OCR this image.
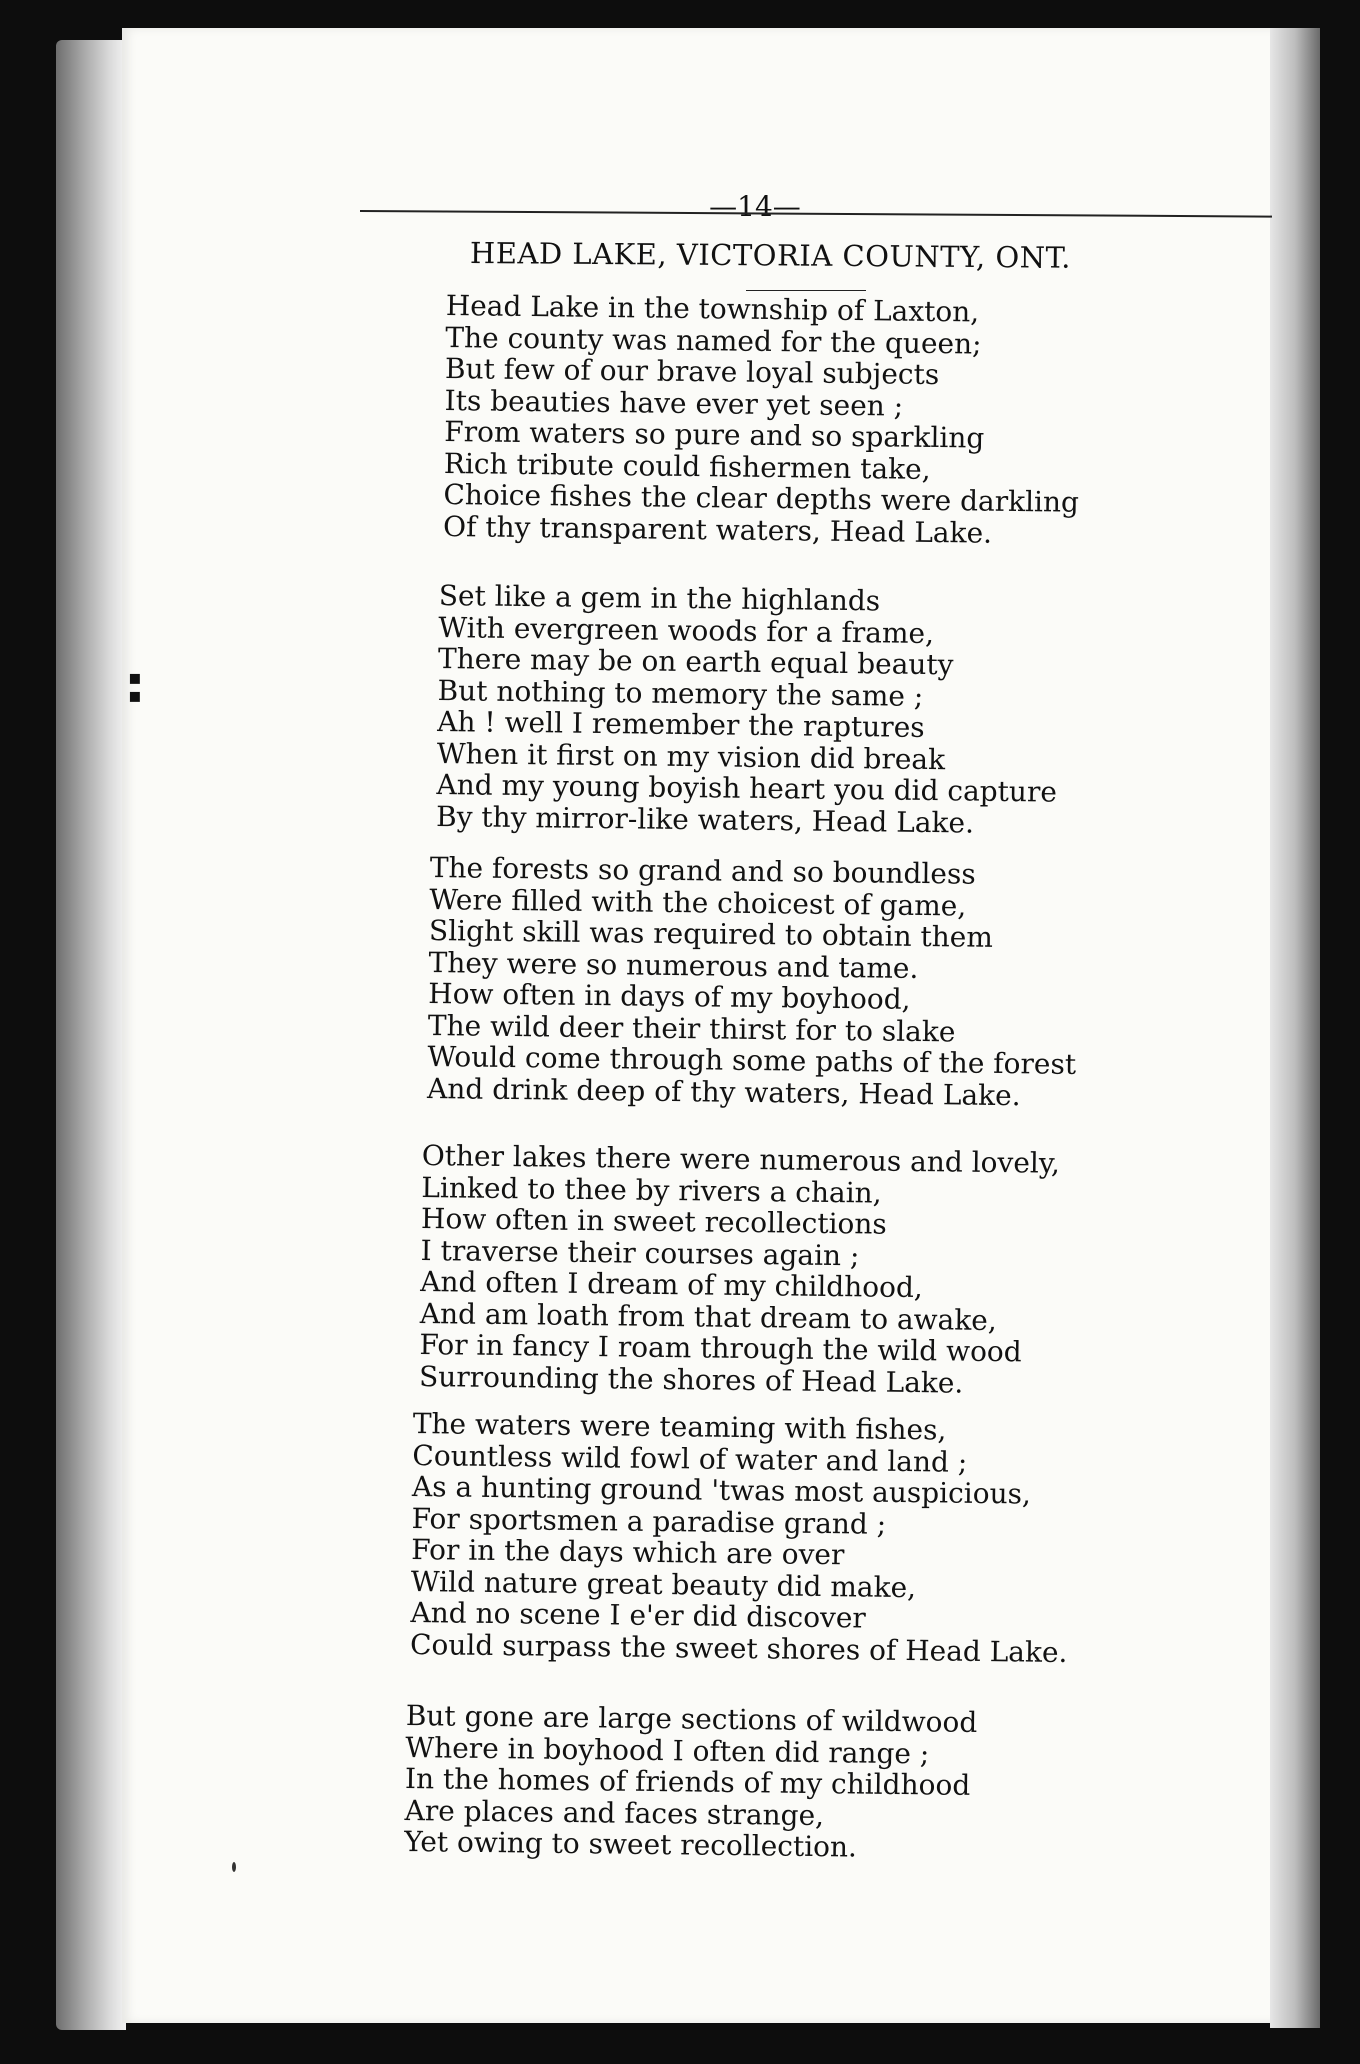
▪
▪
—14—
HEAD LAKE, VICTORIA COUNTY, ONT.
Head Lake in the township of Laxton,
The county was named for the queen;
But few of our brave loyal subjects
Its beauties have ever yet seen ;
From waters so pure and so sparkling
Rich tribute could fishermen take,
Choice fishes the clear depths were darkling
Of thy transparent waters, Head Lake.
Set like a gem in the highlands
With evergreen woods for a frame,
There may be on earth equal beauty
But nothing to memory the same ;
Ah ! well I remember the raptures
When it first on my vision did break
And my young boyish heart you did capture
By thy mirror-like waters, Head Lake.
The forests so grand and so boundless
Were filled with the choicest of game,
Slight skill was required to obtain them
They were so numerous and tame.
How often in days of my boyhood,
The wild deer their thirst for to slake
Would come through some paths of the forest
And drink deep of thy waters, Head Lake.
Other lakes there were numerous and lovely,
Linked to thee by rivers a chain,
How often in sweet recollections
I traverse their courses again ;
And often I dream of my childhood,
And am loath from that dream to awake,
For in fancy I roam through the wild wood
Surrounding the shores of Head Lake.
The waters were teaming with fishes,
Countless wild fowl of water and land ;
As a hunting ground 'twas most auspicious,
For sportsmen a paradise grand ;
For in the days which are over
Wild nature great beauty did make,
And no scene I e'er did discover
Could surpass the sweet shores of Head Lake.
But gone are large sections of wildwood
Where in boyhood I often did range ;
In the homes of friends of my childhood
Are places and faces strange,
Yet owing to sweet recollection.
